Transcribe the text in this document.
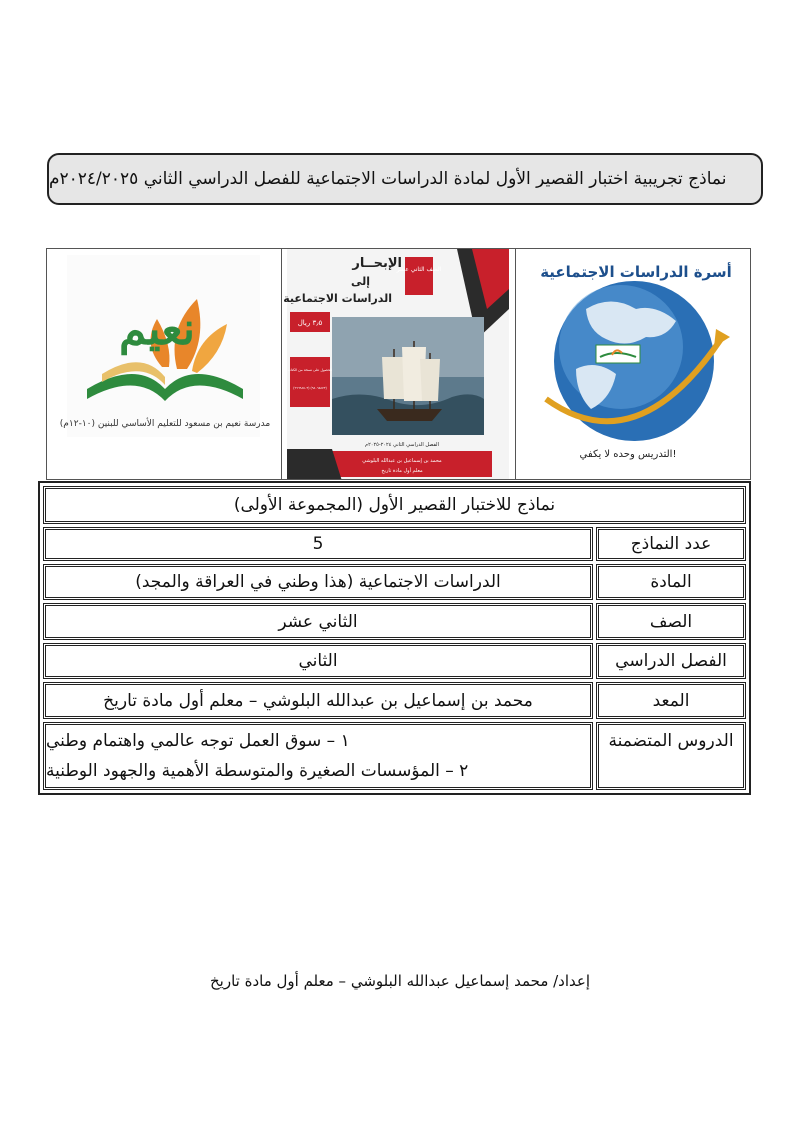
نماذج تجريبية اختبار القصير الأول لمادة الدراسات الاجتماعية للفصل الدراسي الثاني ٢٠٢٤/٢٠٢٥م
نعيم
مدرسة نعيم بن مسعود للتعليم الأساسي للبنين (١٠-١٢م)
الصف الثاني عشر
الإبحــار
إلى
الدراسات الاجتماعية
٣٫٥ ريال
للحصول على نسخة من الكتاب
(٩٩٦٩٨٥٠٣) (٩٥٠٦٨٨٧٣)
الفصل الدراسي الثاني ٢٠٢٤-٢٠٢٥م
محمد بن إسماعيل بن عبدالله البلوشي
معلم أول مادة تاريخ
أسرة الدراسات الاجتماعية
التدريس وحده لا يكفي!
نماذج للاختبار القصير الأول (المجموعة الأولى)
عدد النماذج
5
المادة
الدراسات الاجتماعية (هذا وطني في العراقة والمجد)
الصف
الثاني عشر
الفصل الدراسي
الثاني
المعد
محمد بن إسماعيل بن عبدالله البلوشي – معلم أول مادة تاريخ
الدروس المتضمنة
١ – سوق العمل توجه عالمي واهتمام وطني
٢ – المؤسسات الصغيرة والمتوسطة الأهمية والجهود الوطنية
إعداد/ محمد إسماعيل عبدالله البلوشي – معلم أول مادة تاريخ
